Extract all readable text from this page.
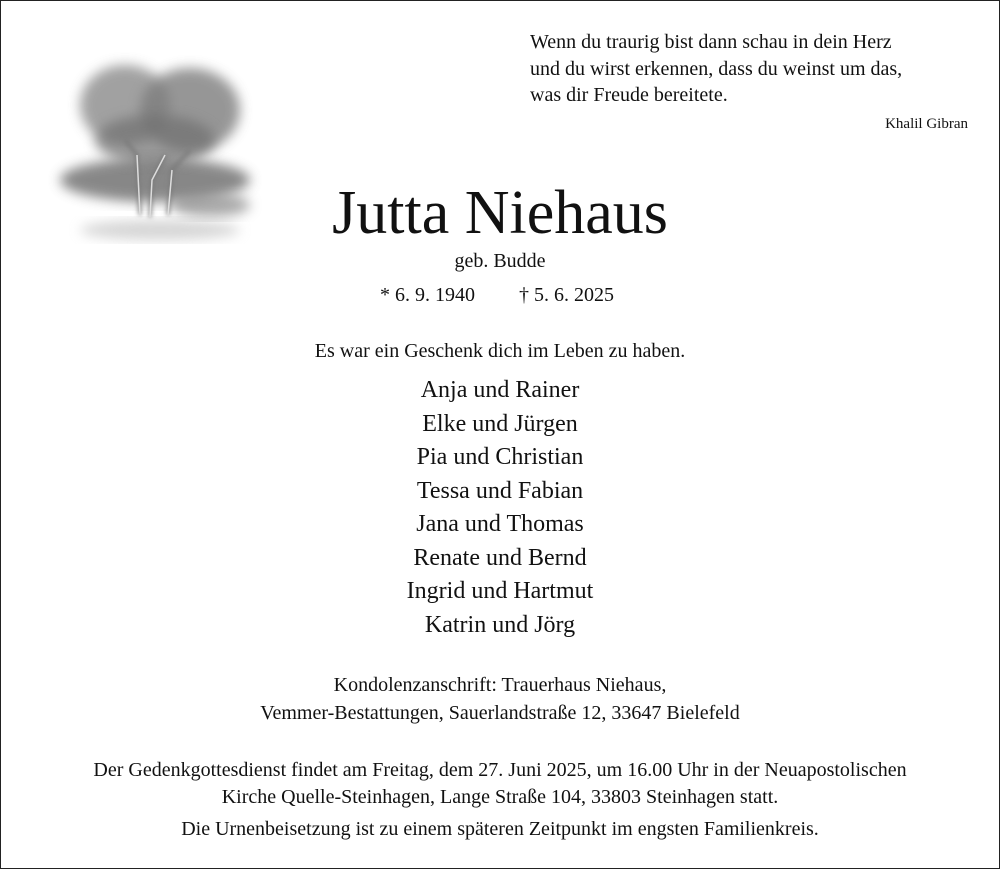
Wenn du traurig bist dann schau in dein Herz
und du wirst erkennen, dass du weinst um das,
was dir Freude bereitete.
Khalil Gibran
Jutta Niehaus
geb. Budde
* 6. 9. 1940 † 5. 6. 2025
Es war ein Geschenk dich im Leben zu haben.
Anja und Rainer
Elke und Jürgen
Pia und Christian
Tessa und Fabian
Jana und Thomas
Renate und Bernd
Ingrid und Hartmut
Katrin und Jörg
Kondolenzanschrift: Trauerhaus Niehaus,
Vemmer-Bestattungen, Sauerlandstraße 12, 33647 Bielefeld
Der Gedenkgottesdienst findet am Freitag, dem 27. Juni 2025, um 16.00 Uhr in der Neuapostolischen
Kirche Quelle-Steinhagen, Lange Straße 104, 33803 Steinhagen statt.
Die Urnenbeisetzung ist zu einem späteren Zeitpunkt im engsten Familienkreis.
